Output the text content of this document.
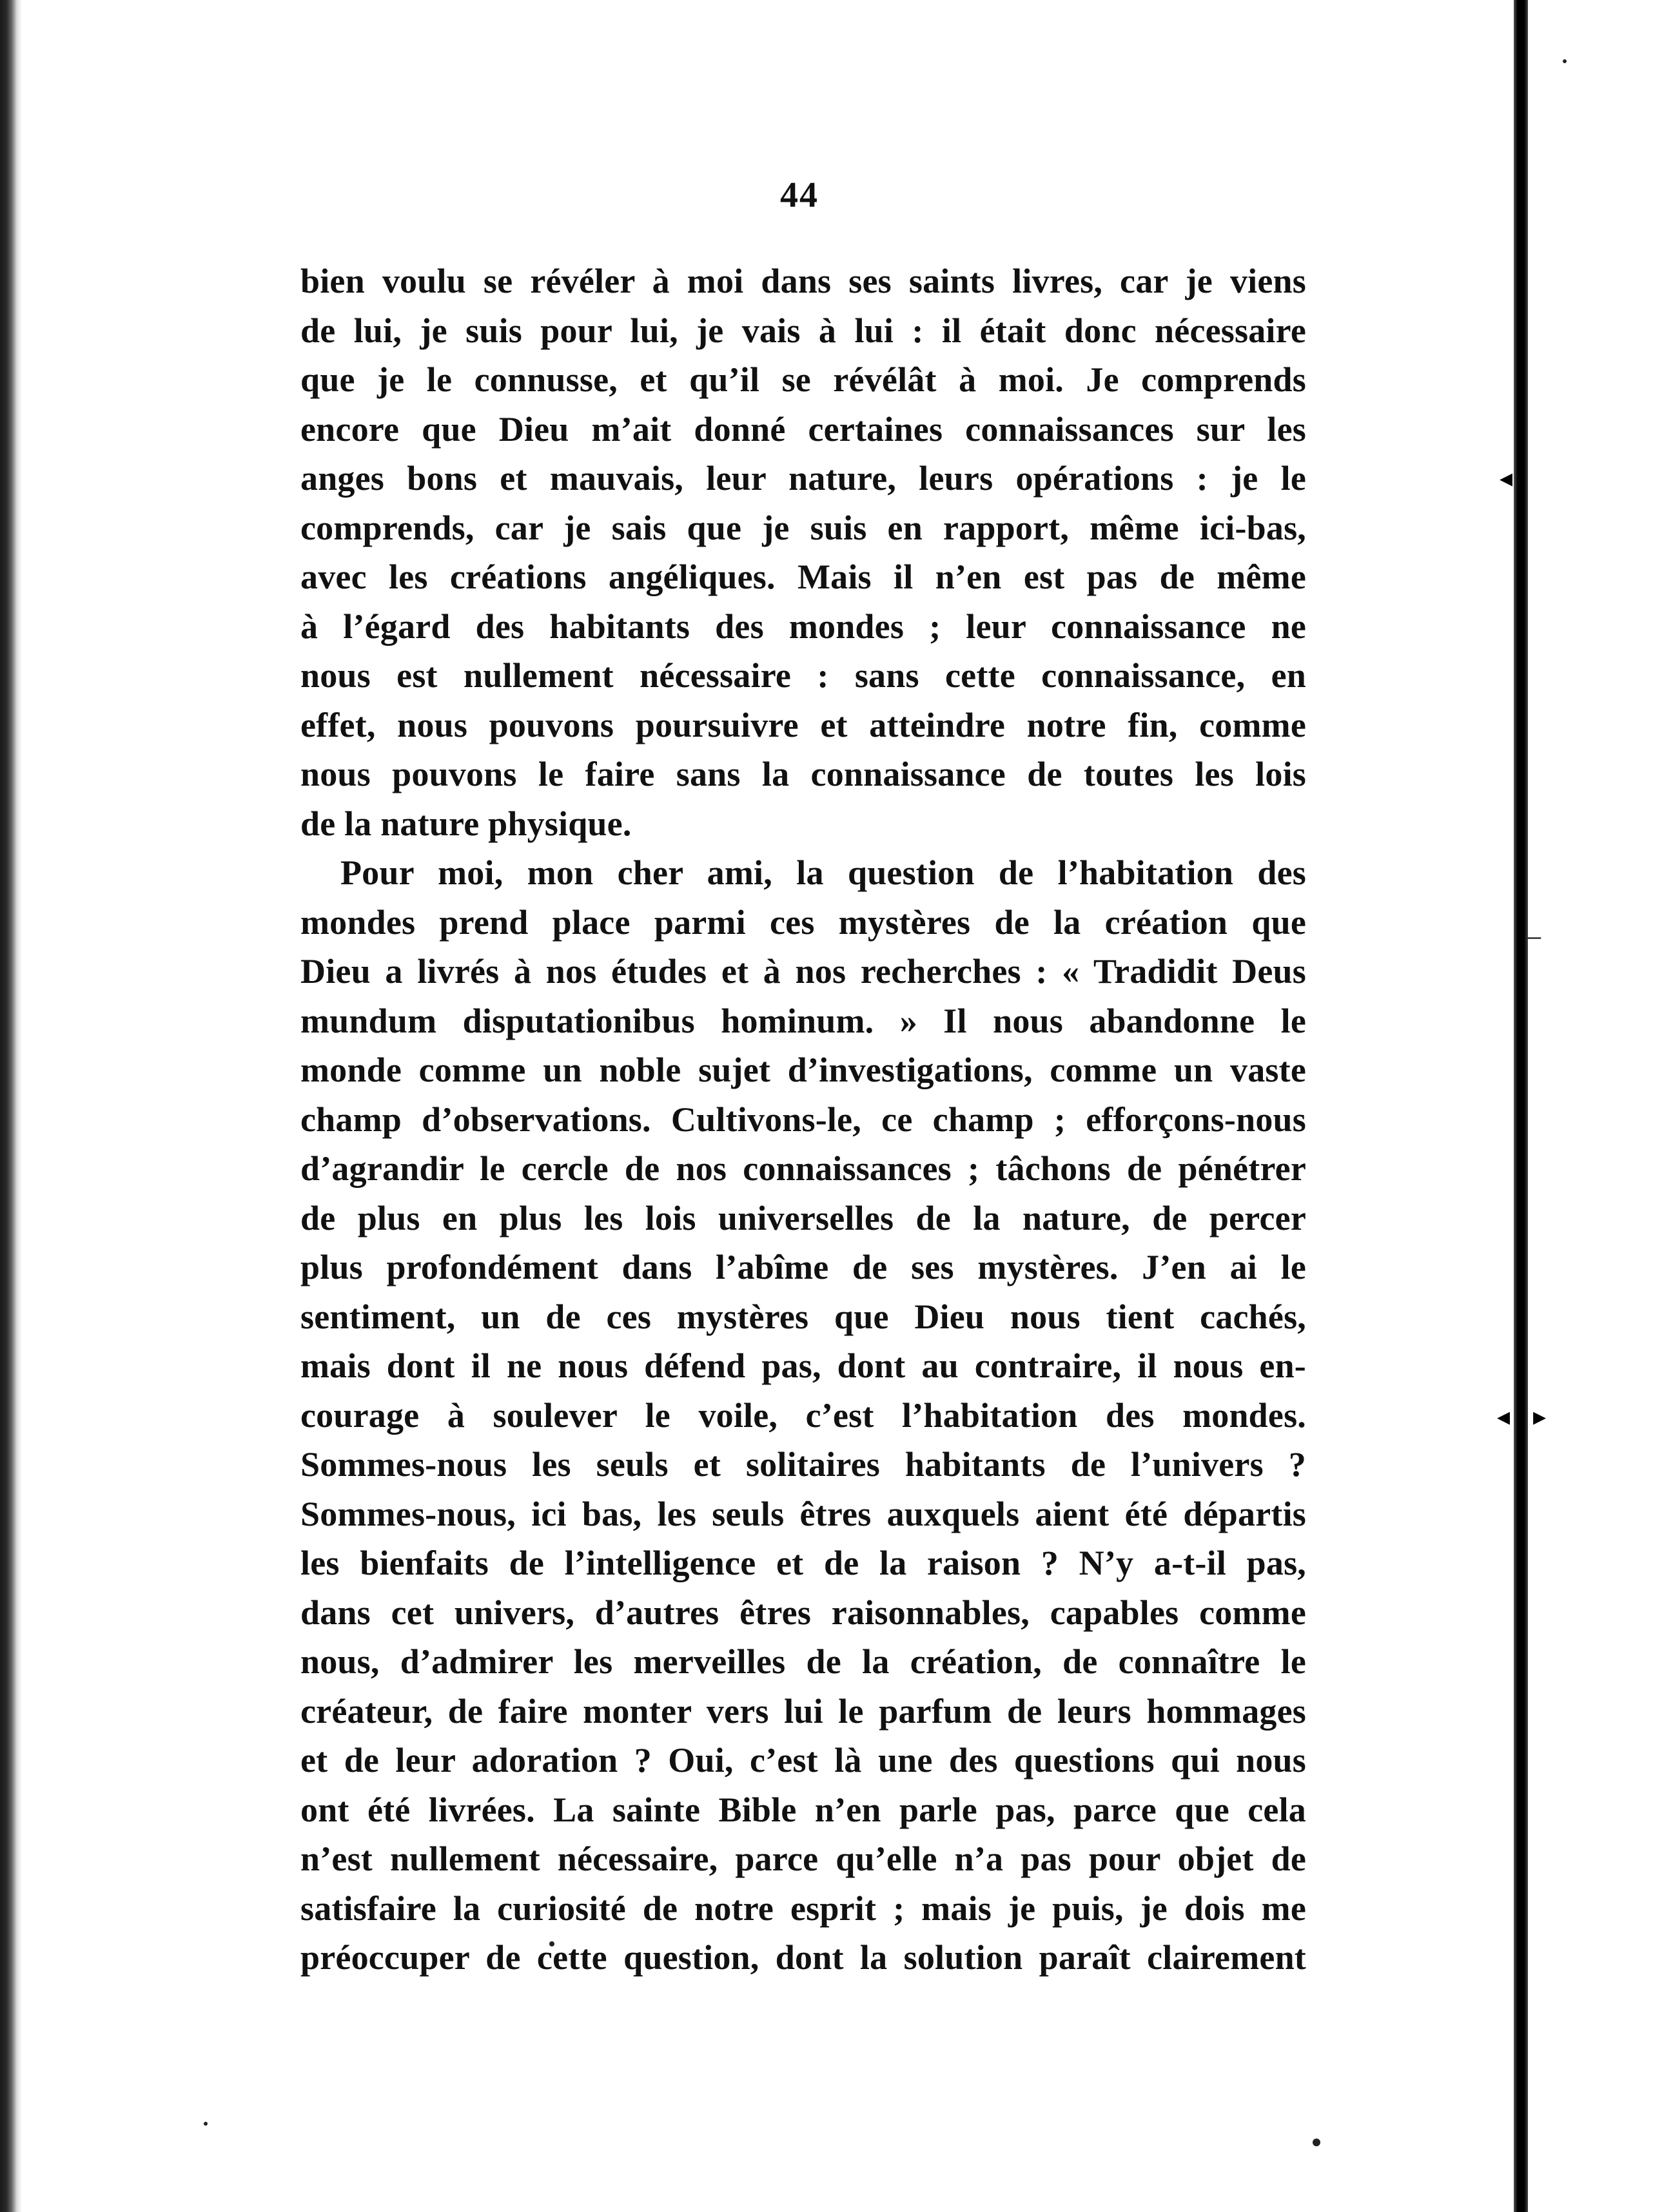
◂
‒
▸
◂
44
bien voulu se révéler à moi dans ses saints livres, car je viens
de lui, je suis pour lui, je vais à lui : il était donc nécessaire
que je le connusse, et qu’il se révélât à moi. Je comprends
encore que Dieu m’ait donné certaines connaissances sur les
anges bons et mauvais, leur nature, leurs opérations : je le
comprends, car je sais que je suis en rapport, même ici-bas,
avec les créations angéliques. Mais il n’en est pas de même
à l’égard des habitants des mondes ; leur connaissance ne
nous est nullement nécessaire : sans cette connaissance, en
effet, nous pouvons poursuivre et atteindre notre fin, comme
nous pouvons le faire sans la connaissance de toutes les lois
de la nature physique.
Pour moi, mon cher ami, la question de l’habitation des
mondes prend place parmi ces mystères de la création que
Dieu a livrés à nos études et à nos recherches : « Tradidit Deus
mundum disputationibus hominum. » Il nous abandonne le
monde comme un noble sujet d’investigations, comme un vaste
champ d’observations. Cultivons-le, ce champ ; efforçons-nous
d’agrandir le cercle de nos connaissances ; tâchons de pénétrer
de plus en plus les lois universelles de la nature, de percer
plus profondément dans l’abîme de ses mystères. J’en ai le
sentiment, un de ces mystères que Dieu nous tient cachés,
mais dont il ne nous défend pas, dont au contraire, il nous en-
courage à soulever le voile, c’est l’habitation des mondes.
Sommes-nous les seuls et solitaires habitants de l’univers ?
Sommes-nous, ici bas, les seuls êtres auxquels aient été départis
les bienfaits de l’intelligence et de la raison ? N’y a-t-il pas,
dans cet univers, d’autres êtres raisonnables, capables comme
nous, d’admirer les merveilles de la création, de connaître le
créateur, de faire monter vers lui le parfum de leurs hommages
et de leur adoration ? Oui, c’est là une des questions qui nous
ont été livrées. La sainte Bible n’en parle pas, parce que cela
n’est nullement nécessaire, parce qu’elle n’a pas pour objet de
satisfaire la curiosité de notre esprit ; mais je puis, je dois me
préoccuper de cette question, dont la solution paraît clairement
